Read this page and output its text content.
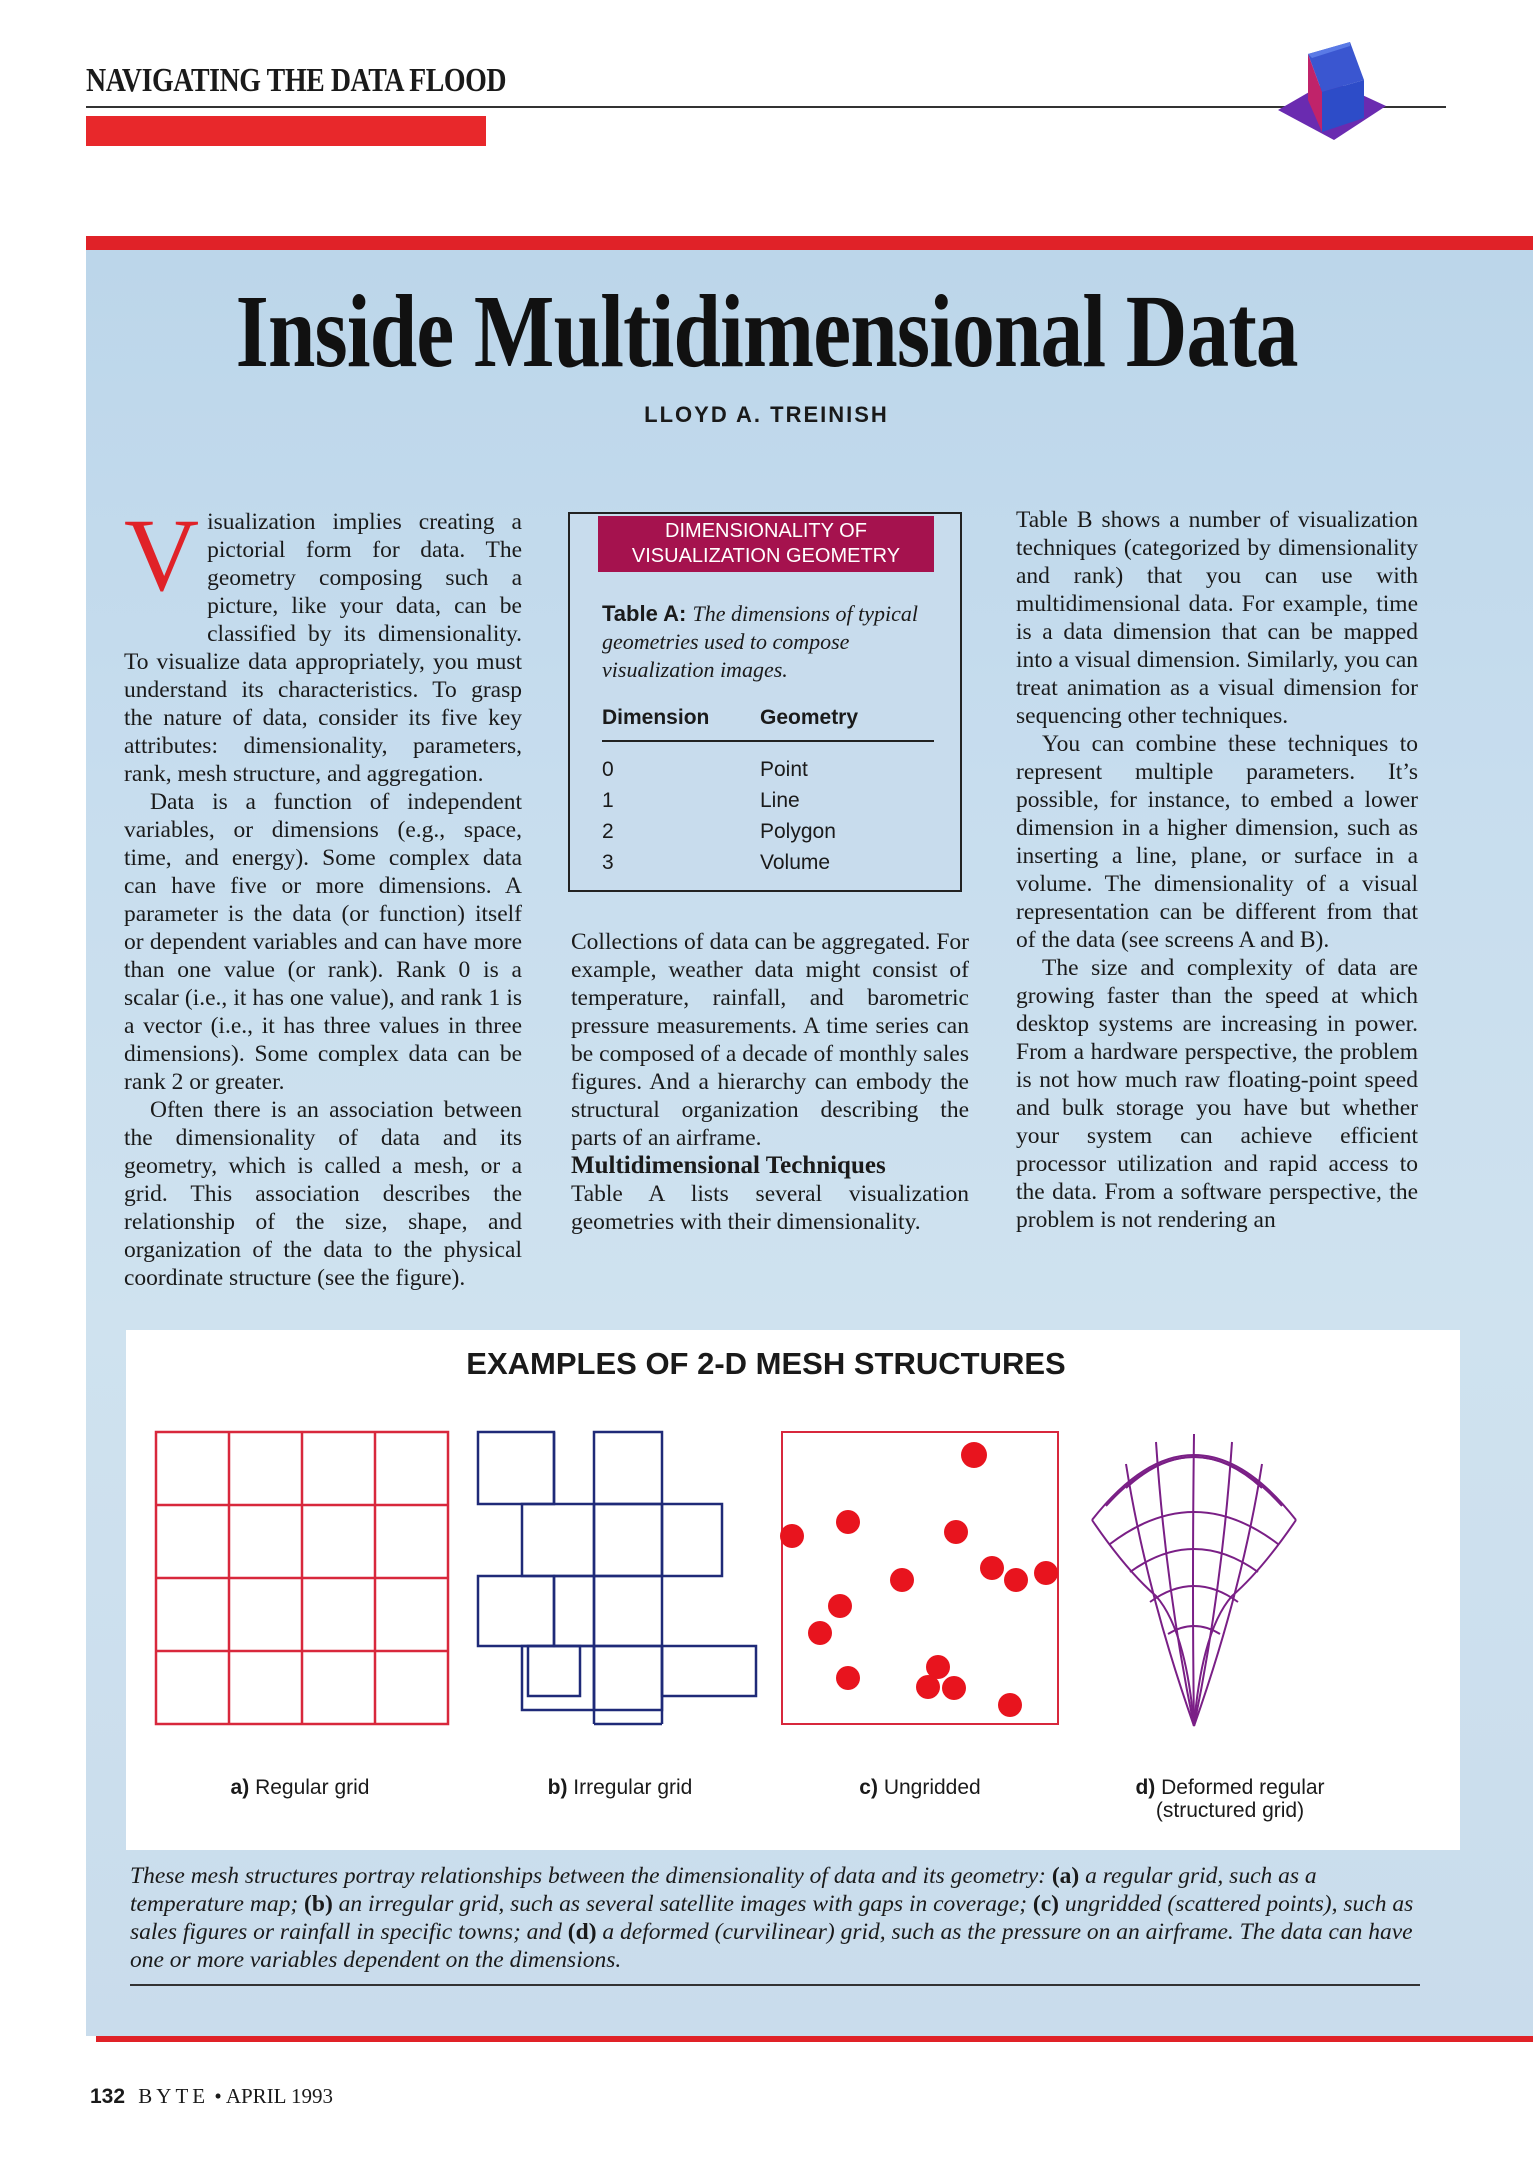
NAVIGATING THE DATA FLOOD
Inside Multidimensional Data
LLOYD A. TREINISH

Visualization implies creating a pictorial form for data. The geometry composing such a picture, like your data, can be classified by its dimensionality. To visualize data appropriately, you must understand its characteristics. To grasp the nature of data, consider its five key attributes: dimensionality, parameters, rank, mesh structure, and aggregation.

Data is a function of independent variables, or dimensions (e.g., space, time, and energy). Some complex data can have five or more dimensions. A parameter is the data (or function) itself or dependent variables and can have more than one value (or rank). Rank 0 is a scalar (i.e., it has one value), and rank 1 is a vector (i.e., it has three values in three dimensions). Some complex data can be rank 2 or greater.

Often there is an association between the dimensionality of data and its geometry, which is called a mesh, or a grid. This association describes the relationship of the size, shape, and organization of the data to the physical coordinate structure (see the figure).

DIMENSIONALITY OF
VISUALIZATION GEOMETRY
Table A: The dimensions of typical geometries used to compose visualization images.
Dimension Geometry
0	Point
1	Line
2	Polygon
3	Volume

Collections of data can be aggregated. For example, weather data might consist of temperature, rainfall, and barometric pressure measurements. A time series can be composed of a decade of monthly sales figures. And a hierarchy can embody the structural organization describing the parts of an airframe.

Multidimensional Techniques

Table A lists several visualization geometries with their dimensionality.

Table B shows a number of visualization techniques (categorized by dimensionality and rank) that you can use with multidimensional data. For example, time is a data dimension that can be mapped into a visual dimension. Similarly, you can treat animation as a visual dimension for sequencing other techniques.

You can combine these techniques to represent multiple parameters. It’s possible, for instance, to embed a lower dimension in a higher dimension, such as inserting a line, plane, or surface in a volume. The dimensionality of a visual representation can be different from that of the data (see screens A and B).

The size and complexity of data are growing faster than the speed at which desktop systems are increasing in power. From a hardware perspective, the problem is not how much raw floating-point speed and bulk storage you have but whether your system can achieve efficient processor utilization and rapid access to the data. From a software perspective, the problem is not rendering an

EXAMPLES OF 2-D MESH STRUCTURES
a) Regular grid	b) Irregular grid	c) Ungridded	d) Deformed regular
(structured grid)
These mesh structures portray relationships between the dimensionality of data and its geometry: (a) a regular grid, such as a temperature map; (b) an irregular grid, such as several satellite images with gaps in coverage; (c) ungridded (scattered points), such as sales figures or rainfall in specific towns; and (d) a deformed (curvilinear) grid, such as the pressure on an airframe. The data can have one or more variables dependent on the dimensions.
132 BYTE • APRIL 1993
